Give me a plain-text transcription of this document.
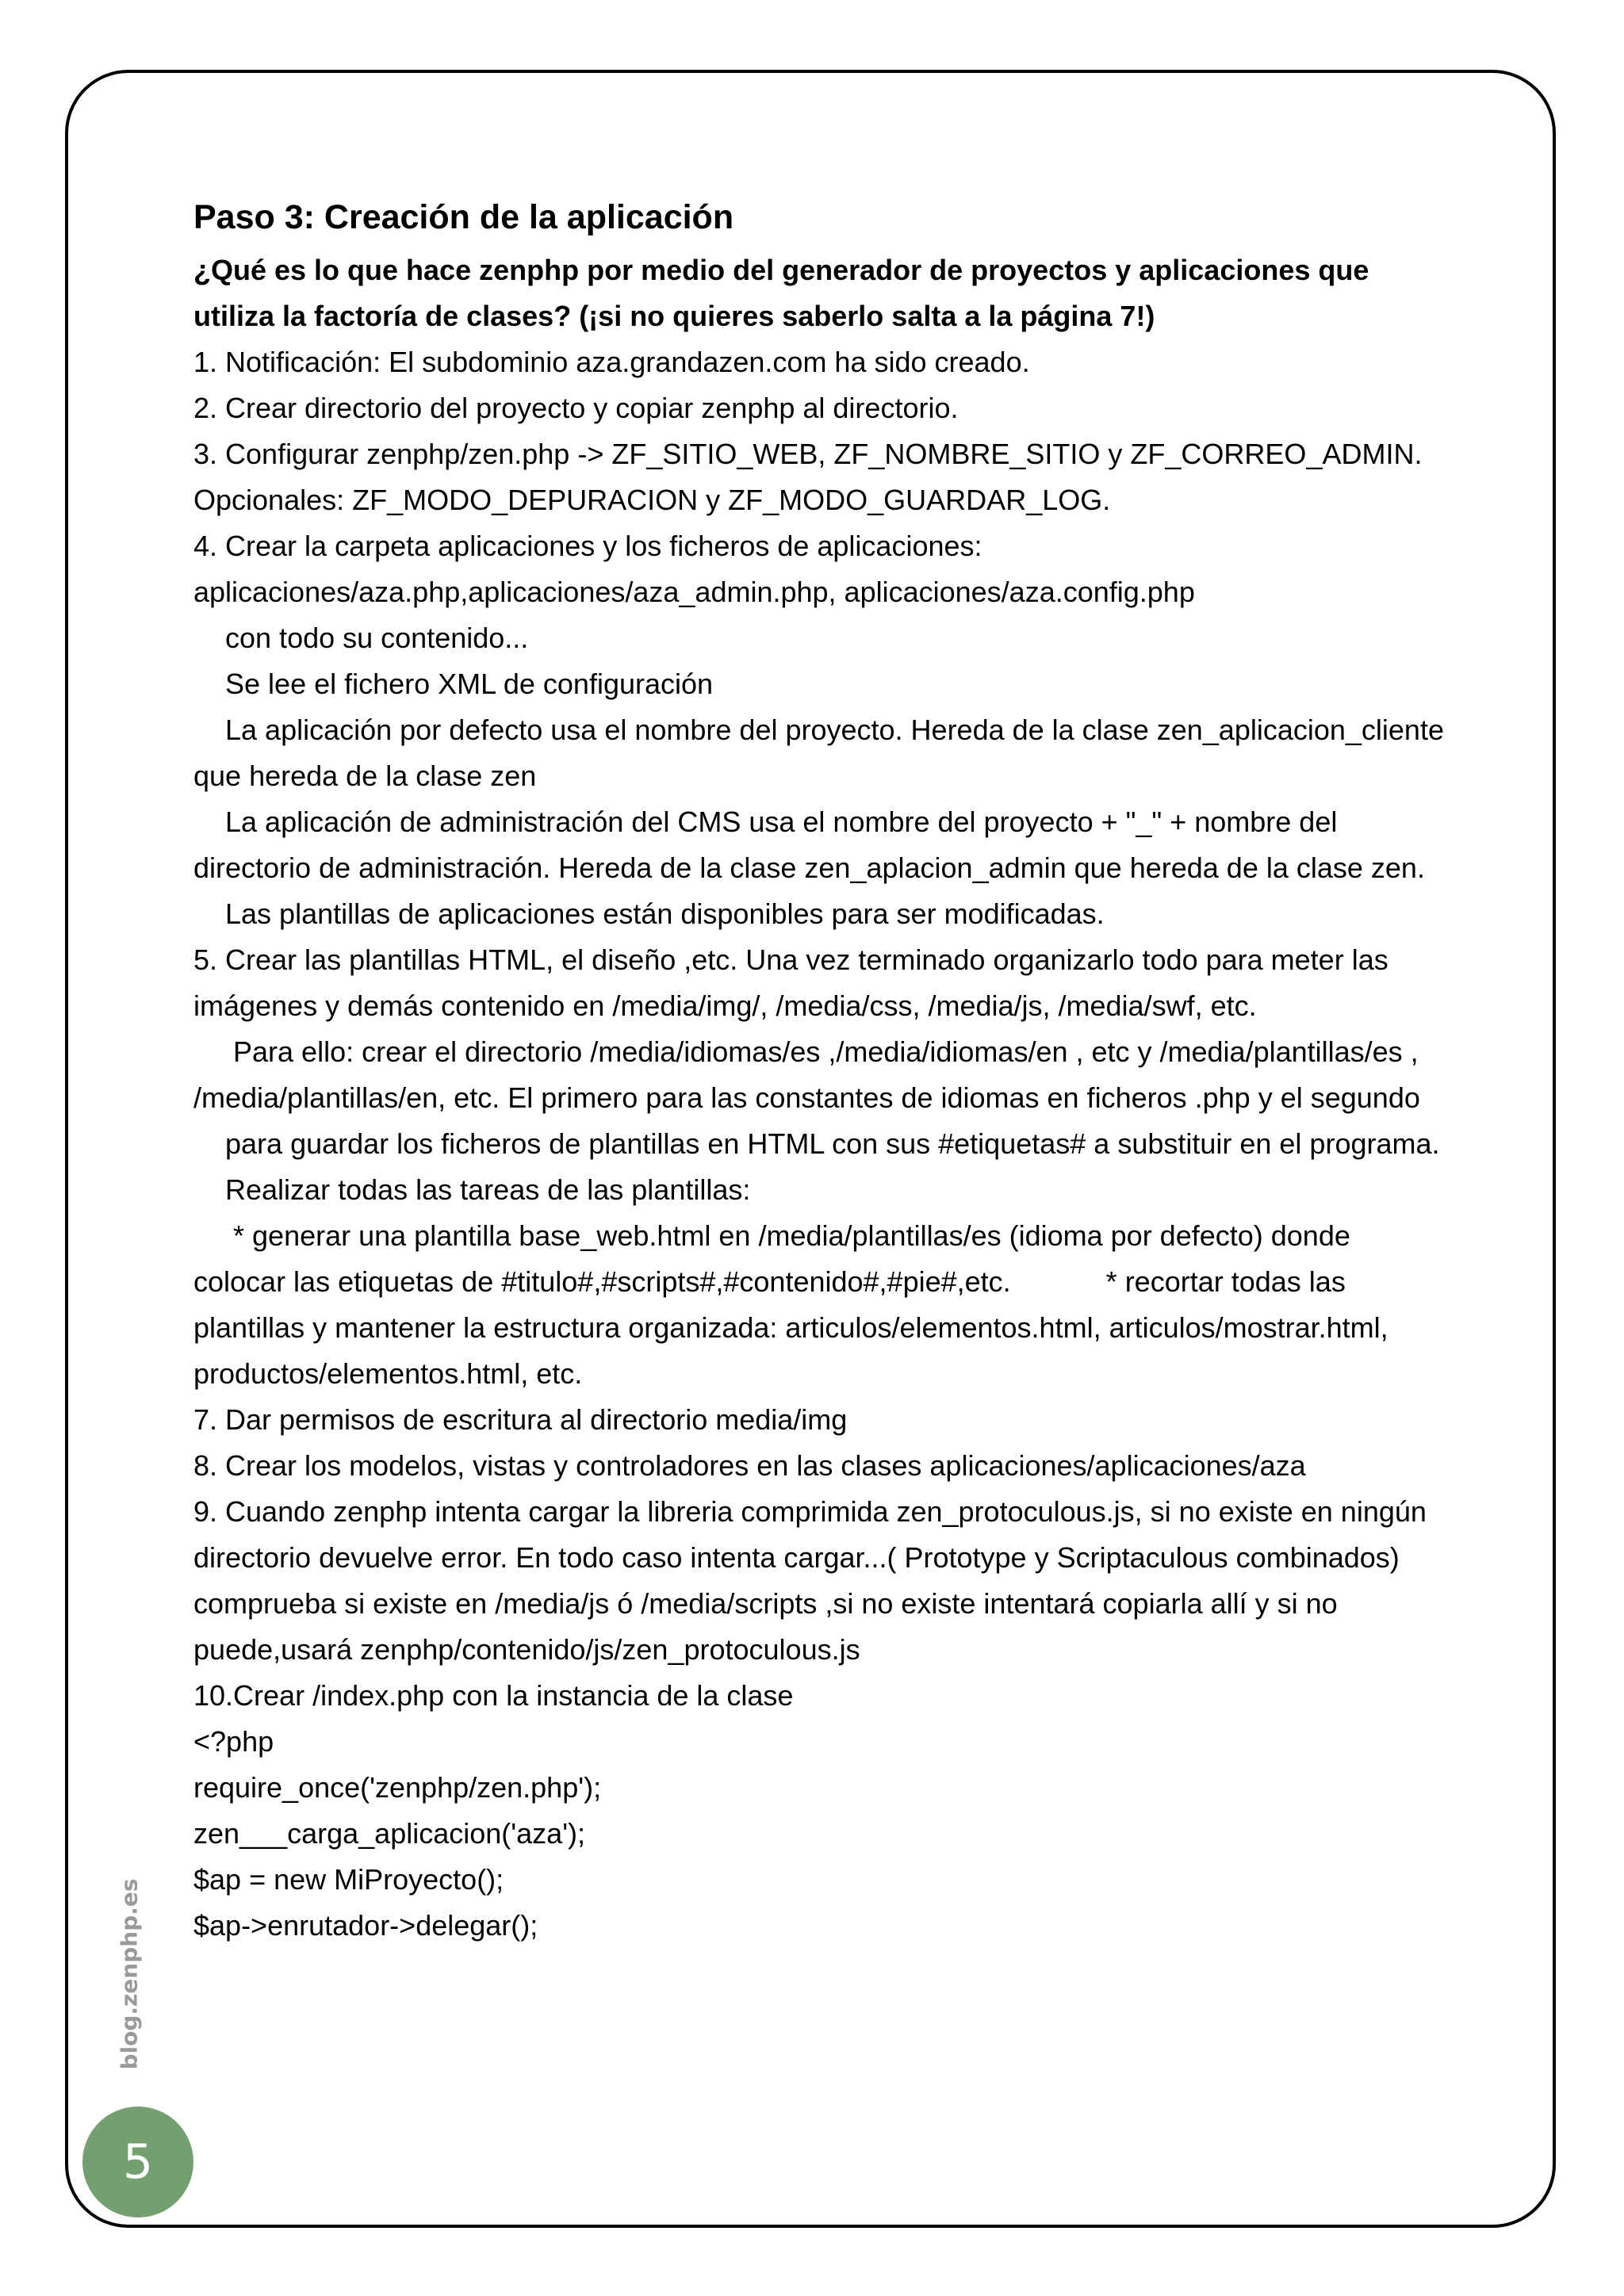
Paso 3: Creación de la aplicación

¿Qué es lo que hace zenphp por medio del generador de proyectos y aplicaciones que utiliza la factoría de clases? (¡si no quieres saberlo salta a la página 7!)

1. Notificación: El subdominio aza.grandazen.com ha sido creado.

2. Crear directorio del proyecto y copiar zenphp al directorio.

3. Configurar zenphp/zen.php -> ZF_SITIO_WEB, ZF_NOMBRE_SITIO y ZF_CORREO_ADMIN. Opcionales: ZF_MODO_DEPURACION y ZF_MODO_GUARDAR_LOG.

4. Crear la carpeta aplicaciones y los ficheros de aplicaciones: aplicaciones/aza.php,aplicaciones/aza_admin.php, aplicaciones/aza.config.php

con todo su contenido...

Se lee el fichero XML de configuración

La aplicación por defecto usa el nombre del proyecto. Hereda de la clase zen_aplicacion_cliente que hereda de la clase zen

La aplicación de administración del CMS usa el nombre del proyecto + "_" + nombre del directorio de administración. Hereda de la clase zen_aplacion_admin que hereda de la clase zen.

Las plantillas de aplicaciones están disponibles para ser modificadas.

5. Crear las plantillas HTML, el diseño ,etc. Una vez terminado organizarlo todo para meter las imágenes y demás contenido en /media/img/, /media/css, /media/js, /media/swf, etc.

Para ello: crear el directorio /media/idiomas/es ,/media/idiomas/en , etc y /media/plantillas/es , /media/plantillas/en, etc. El primero para las constantes de idiomas en ficheros .php y el segundo

para guardar los ficheros de plantillas en HTML con sus #etiquetas# a substituir en el programa.

Realizar todas las tareas de las plantillas:

* generar una plantilla base_web.html en /media/plantillas/es (idioma por defecto) donde colocar las etiquetas de #titulo#,#scripts#,#contenido#,#pie#,etc.            * recortar todas las plantillas y mantener la estructura organizada: articulos/elementos.html, articulos/mostrar.html, productos/elementos.html, etc.

7. Dar permisos de escritura al directorio media/img

8. Crear los modelos, vistas y controladores en las clases aplicaciones/aplicaciones/aza

9. Cuando zenphp intenta cargar la libreria comprimida zen_protoculous.js, si no existe en ningún directorio devuelve error. En todo caso intenta cargar...( Prototype y Scriptaculous combinados) comprueba si existe en /media/js ó /media/scripts ,si no existe intentará copiarla allí y si no puede,usará zenphp/contenido/js/zen_protoculous.js

10.Crear /index.php con la instancia de la clase

<?php

require_once('zenphp/zen.php');

zen___carga_aplicacion('aza');

$ap = new MiProyecto();

$ap->enrutador->delegar();

blog.zenphp.es
5
